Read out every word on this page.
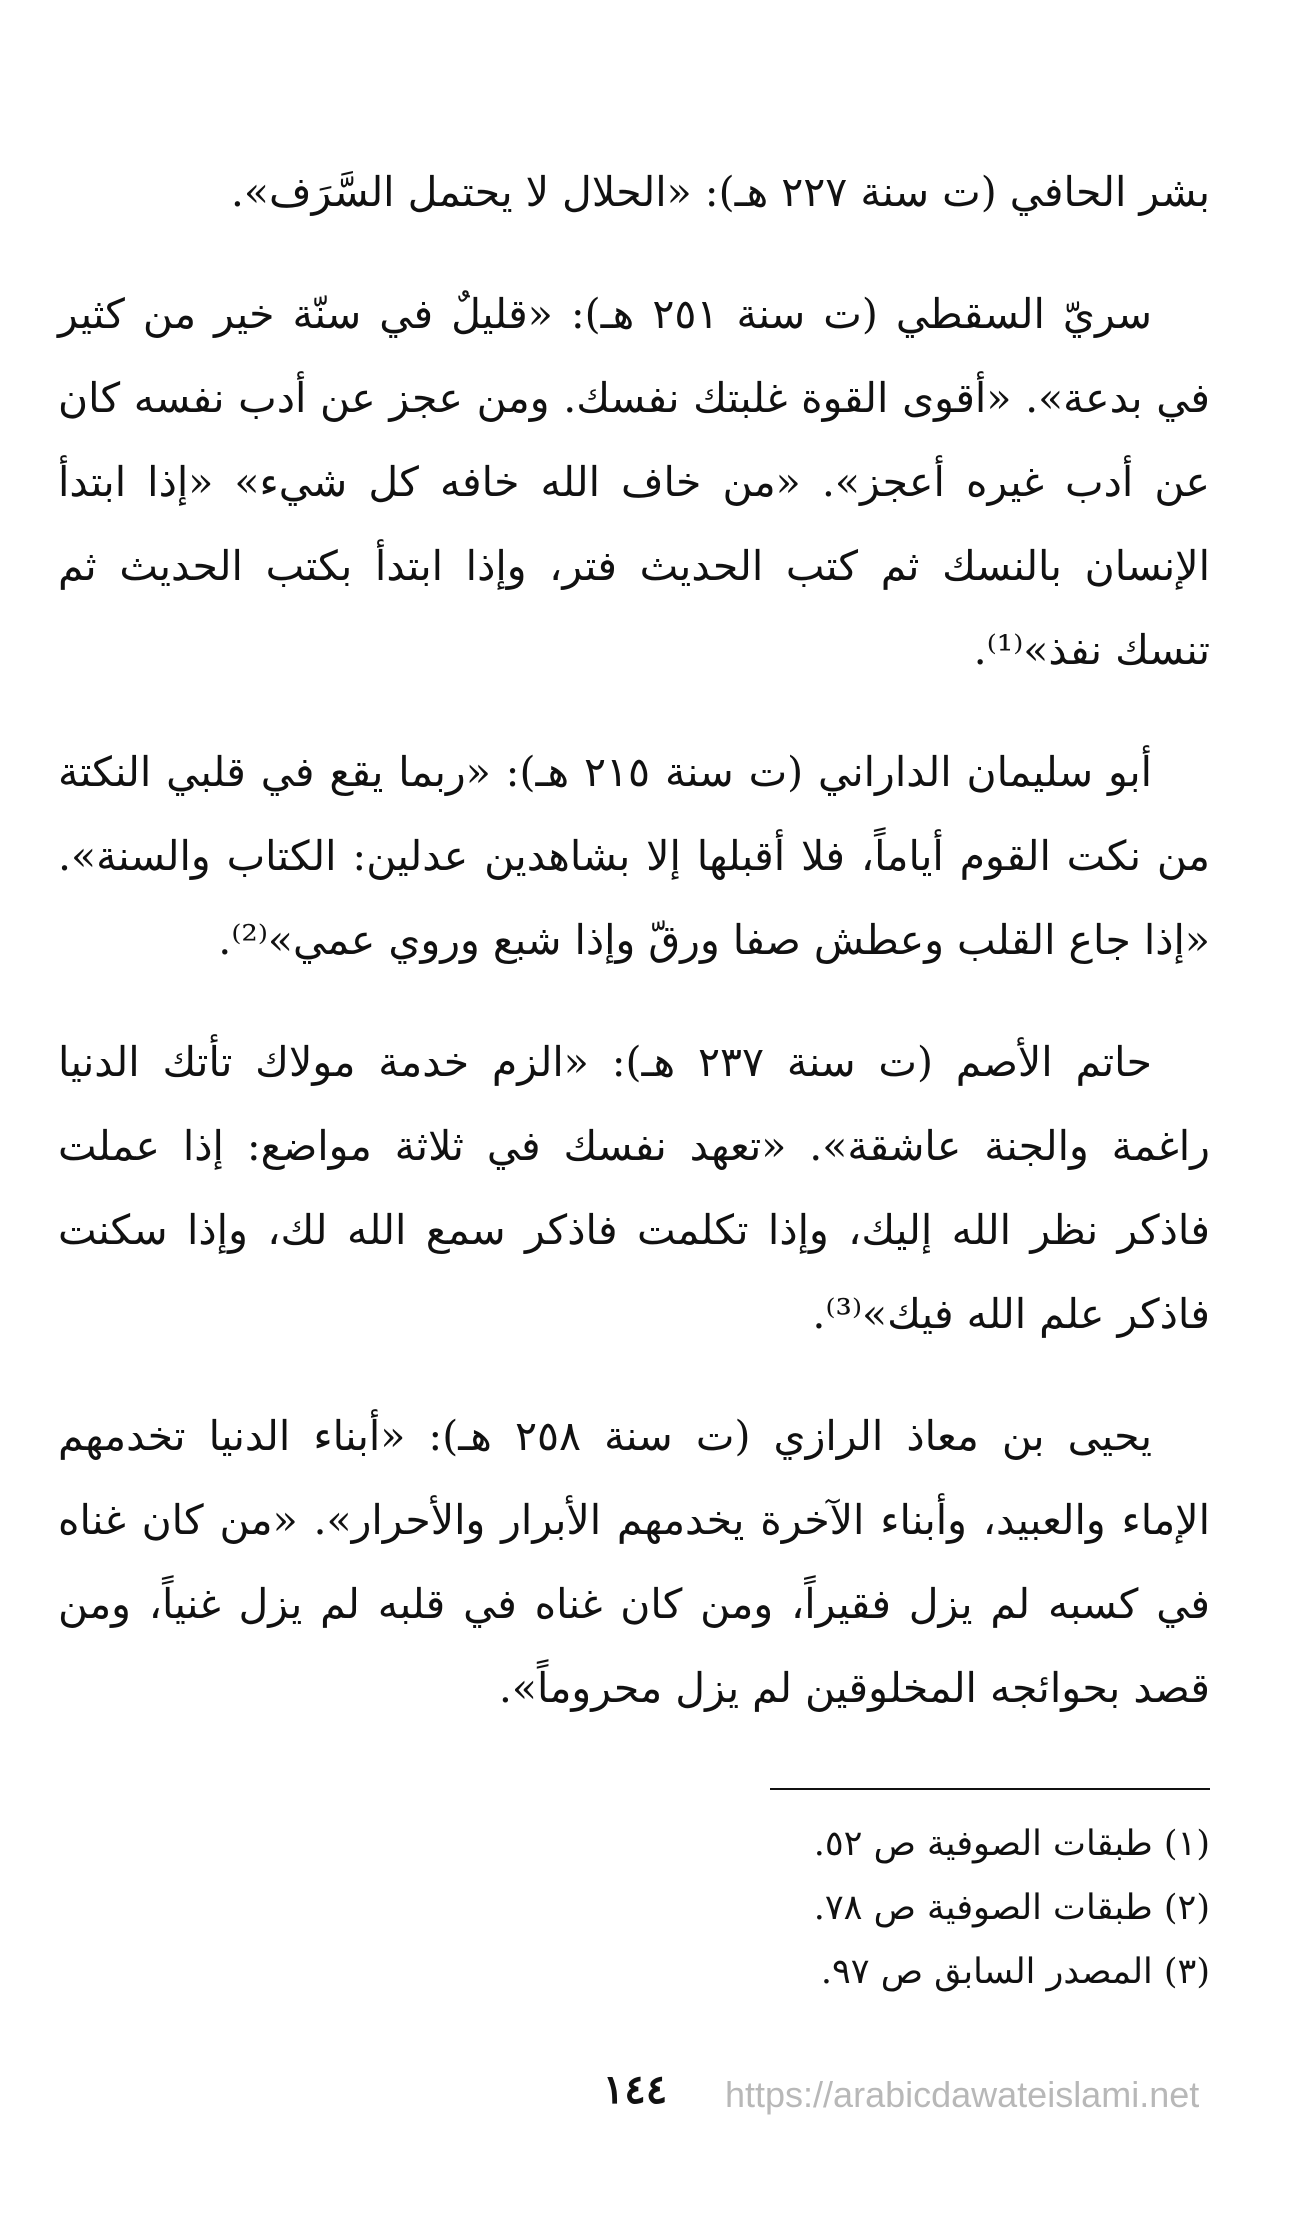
بشر الحافي (ت سنة ٢٢٧ هـ): «الحلال لا يحتمل السَّرَف».

سريّ السقطي (ت سنة ٢٥١ هـ): «قليلٌ في سنّة خير من كثير في بدعة». «أقوى القوة غلبتك نفسك. ومن عجز عن أدب نفسه كان عن أدب غيره أعجز». «من خاف الله خافه كل شيء» «إذا ابتدأ الإنسان بالنسك ثم كتب الحديث فتر، وإذا ابتدأ بكتب الحديث ثم تنسك نفذ»⁽¹⁾.

أبو سليمان الداراني (ت سنة ٢١٥ هـ): «ربما يقع في قلبي النكتة من نكت القوم أياماً، فلا أقبلها إلا بشاهدين عدلين: الكتاب والسنة». «إذا جاع القلب وعطش صفا ورقّ وإذا شبع وروي عمي»⁽²⁾.

حاتم الأصم (ت سنة ٢٣٧ هـ): «الزم خدمة مولاك تأتك الدنيا راغمة والجنة عاشقة». «تعهد نفسك في ثلاثة مواضع: إذا عملت فاذكر نظر الله إليك، وإذا تكلمت فاذكر سمع الله لك، وإذا سكنت فاذكر علم الله فيك»⁽³⁾.

يحيى بن معاذ الرازي (ت سنة ٢٥٨ هـ): «أبناء الدنيا تخدمهم الإماء والعبيد، وأبناء الآخرة يخدمهم الأبرار والأحرار». «من كان غناه في كسبه لم يزل فقيراً، ومن كان غناه في قلبه لم يزل غنياً، ومن قصد بحوائجه المخلوقين لم يزل محروماً».

(١) طبقات الصوفية ص ٥٢.

(٢) طبقات الصوفية ص ٧٨.

(٣) المصدر السابق ص ٩٧.

١٤٤	https://arabicdawateislami.net
